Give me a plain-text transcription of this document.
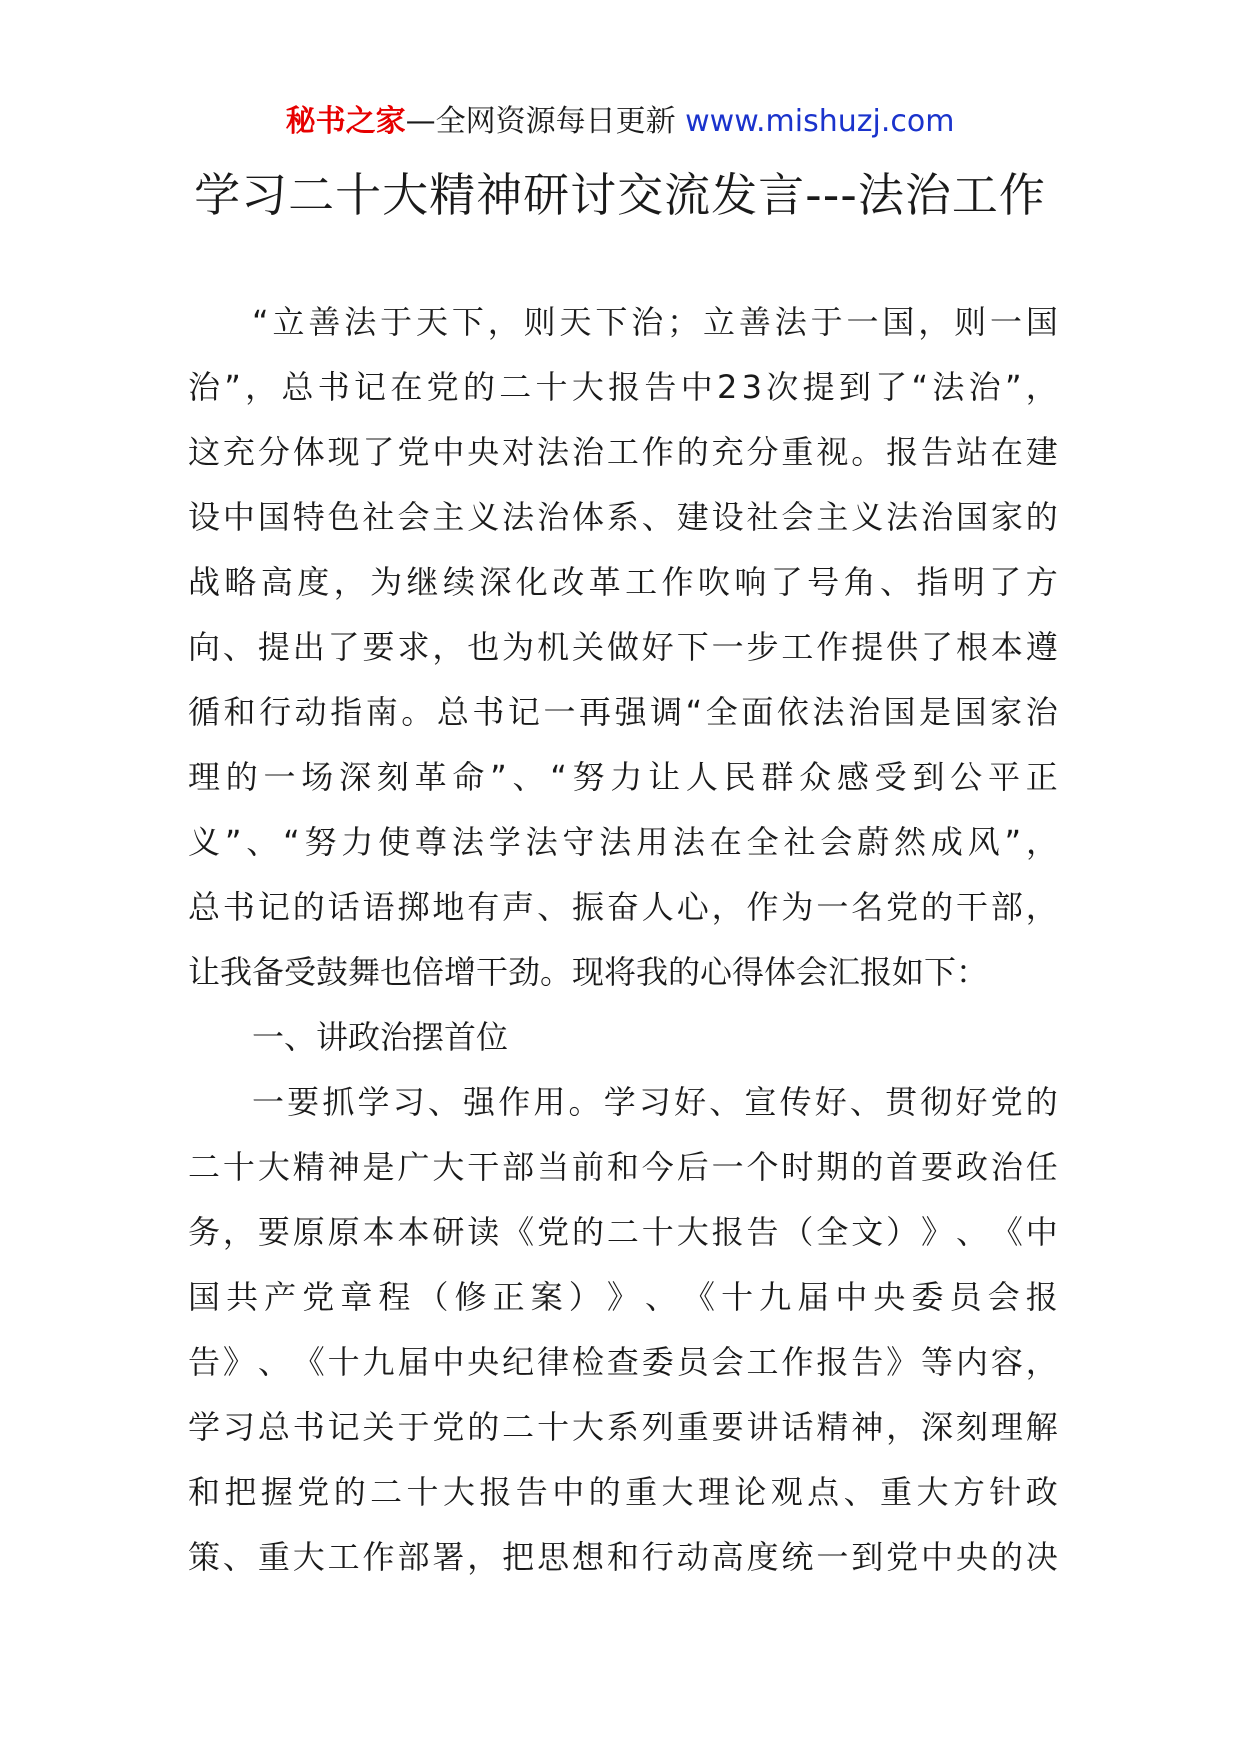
秘书之家—全网资源每日更新 www.mishuzj.com
学习二十大精神研讨交流发言---法治工作
“ 立 善 法 于 天 下 ， 则 天 下 治 ； 立 善 法 于 一 国 ， 则 一 国
治 ” ， 总 书 记 在 党 的 二 十 大 报 告 中 2 3 次 提 到 了 “ 法 治 ” ，
这 充 分 体 现 了 党 中 央 对 法 治 工 作 的 充 分 重 视 。 报 告 站 在 建
设 中 国 特 色 社 会 主 义 法 治 体 系 、 建 设 社 会 主 义 法 治 国 家 的
战 略 高 度 ， 为 继 续 深 化 改 革 工 作 吹 响 了 号 角 、 指 明 了 方
向 、 提 出 了 要 求 ， 也 为 机 关 做 好 下 一 步 工 作 提 供 了 根 本 遵
循 和 行 动 指 南 。 总 书 记 一 再 强 调 “ 全 面 依 法 治 国 是 国 家 治
理 的 一 场 深 刻 革 命 ” 、 “ 努 力 让 人 民 群 众 感 受 到 公 平 正
义 ” 、 “ 努 力 使 尊 法 学 法 守 法 用 法 在 全 社 会 蔚 然 成 风 ” ，
总 书 记 的 话 语 掷 地 有 声 、 振 奋 人 心 ， 作 为 一 名 党 的 干 部 ，
让我备受鼓舞也倍增干劲。现将我的心得体会汇报如下：
一、讲政治摆首位
一 要 抓 学 习 、 强 作 用 。 学 习 好 、 宣 传 好 、 贯 彻 好 党 的
二 十 大 精 神 是 广 大 干 部 当 前 和 今 后 一 个 时 期 的 首 要 政 治 任
务 ， 要 原 原 本 本 研 读 《 党 的 二 十 大 报 告 （ 全 文 ） 》 、 《 中
国 共 产 党 章 程 （ 修 正 案 ） 》 、 《 十 九 届 中 央 委 员 会 报
告 》 、 《 十 九 届 中 央 纪 律 检 查 委 员 会 工 作 报 告 》 等 内 容 ，
学 习 总 书 记 关 于 党 的 二 十 大 系 列 重 要 讲 话 精 神 ， 深 刻 理 解
和 把 握 党 的 二 十 大 报 告 中 的 重 大 理 论 观 点 、 重 大 方 针 政
策 、 重 大 工 作 部 署 ， 把 思 想 和 行 动 高 度 统 一 到 党 中 央 的 决
